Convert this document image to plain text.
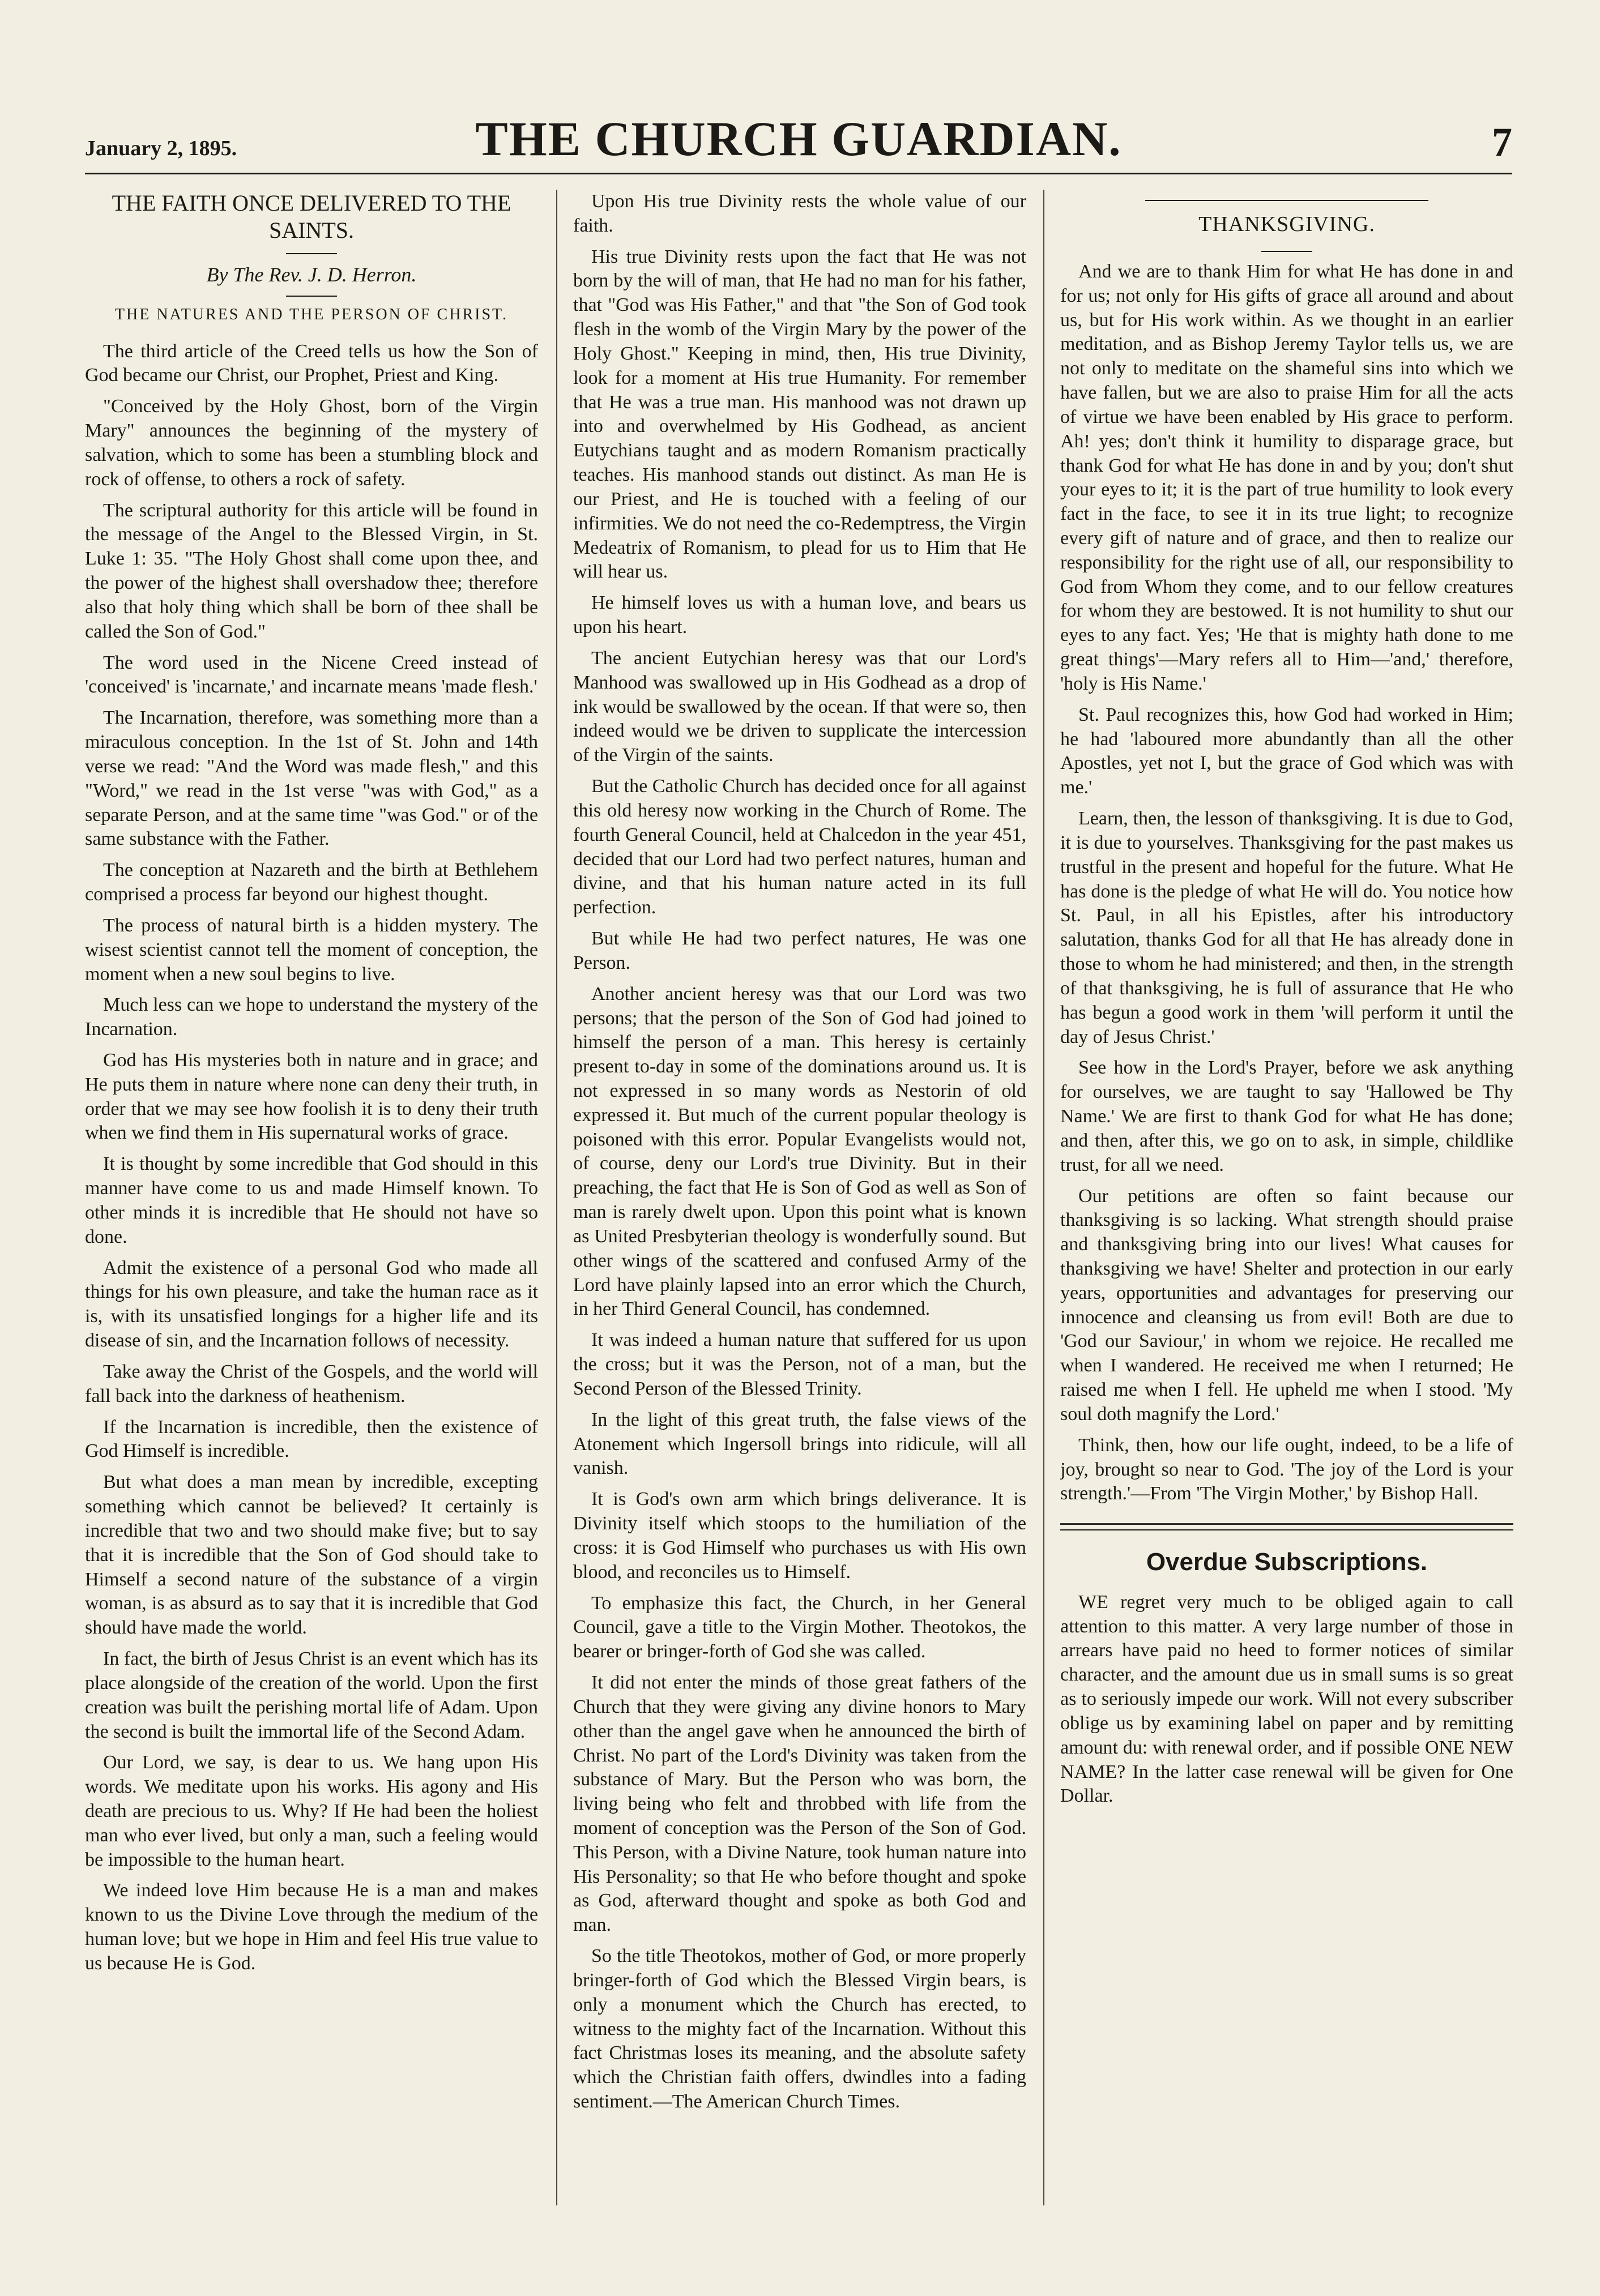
January 2, 1895.	THE CHURCH GUARDIAN.	7
THE FAITH ONCE DELIVERED TO THE SAINTS.
By The Rev. J. D. Herron.
THE NATURES AND THE PERSON OF CHRIST.

The third article of the Creed tells us how the Son of God became our Christ, our Prophet, Priest and King.

"Conceived by the Holy Ghost, born of the Virgin Mary" announces the beginning of the mystery of salvation, which to some has been a stumbling block and rock of offense, to others a rock of safety.

The scriptural authority for this article will be found in the message of the Angel to the Blessed Virgin, in St. Luke 1: 35. "The Holy Ghost shall come upon thee, and the power of the highest shall overshadow thee; therefore also that holy thing which shall be born of thee shall be called the Son of God."

The word used in the Nicene Creed instead of 'conceived' is 'incarnate,' and incarnate means 'made flesh.'

The Incarnation, therefore, was something more than a miraculous conception. In the 1st of St. John and 14th verse we read: "And the Word was made flesh," and this "Word," we read in the 1st verse "was with God," as a separate Person, and at the same time "was God." or of the same substance with the Father.

The conception at Nazareth and the birth at Bethlehem comprised a process far beyond our highest thought.

The process of natural birth is a hidden mystery. The wisest scientist cannot tell the moment of conception, the moment when a new soul begins to live.

Much less can we hope to understand the mystery of the Incarnation.

God has His mysteries both in nature and in grace; and He puts them in nature where none can deny their truth, in order that we may see how foolish it is to deny their truth when we find them in His supernatural works of grace.

It is thought by some incredible that God should in this manner have come to us and made Himself known. To other minds it is incredible that He should not have so done.

Admit the existence of a personal God who made all things for his own pleasure, and take the human race as it is, with its unsatisfied longings for a higher life and its disease of sin, and the Incarnation follows of necessity.

Take away the Christ of the Gospels, and the world will fall back into the darkness of heathenism.

If the Incarnation is incredible, then the existence of God Himself is incredible.

But what does a man mean by incredible, excepting something which cannot be believed? It certainly is incredible that two and two should make five; but to say that it is incredible that the Son of God should take to Himself a second nature of the substance of a virgin woman, is as absurd as to say that it is incredible that God should have made the world.

In fact, the birth of Jesus Christ is an event which has its place alongside of the creation of the world. Upon the first creation was built the perishing mortal life of Adam. Upon the second is built the immortal life of the Second Adam.

Our Lord, we say, is dear to us. We hang upon His words. We meditate upon his works. His agony and His death are precious to us. Why? If He had been the holiest man who ever lived, but only a man, such a feeling would be impossible to the human heart.

We indeed love Him because He is a man and makes known to us the Divine Love through the medium of the human love; but we hope in Him and feel His true value to us because He is God.

Upon His true Divinity rests the whole value of our faith.

His true Divinity rests upon the fact that He was not born by the will of man, that He had no man for his father, that "God was His Father," and that "the Son of God took flesh in the womb of the Virgin Mary by the power of the Holy Ghost." Keeping in mind, then, His true Divinity, look for a moment at His true Humanity. For remember that He was a true man. His manhood was not drawn up into and overwhelmed by His Godhead, as ancient Eutychians taught and as modern Romanism practically teaches. His manhood stands out distinct. As man He is our Priest, and He is touched with a feeling of our infirmities. We do not need the co-Redemptress, the Virgin Medeatrix of Romanism, to plead for us to Him that He will hear us.

He himself loves us with a human love, and bears us upon his heart.

The ancient Eutychian heresy was that our Lord's Manhood was swallowed up in His Godhead as a drop of ink would be swallowed by the ocean. If that were so, then indeed would we be driven to supplicate the intercession of the Virgin of the saints.

But the Catholic Church has decided once for all against this old heresy now working in the Church of Rome. The fourth General Council, held at Chalcedon in the year 451, decided that our Lord had two perfect natures, human and divine, and that his human nature acted in its full perfection.

But while He had two perfect natures, He was one Person.

Another ancient heresy was that our Lord was two persons; that the person of the Son of God had joined to himself the person of a man. This heresy is certainly present to-day in some of the dominations around us. It is not expressed in so many words as Nestorin of old expressed it. But much of the current popular theology is poisoned with this error. Popular Evangelists would not, of course, deny our Lord's true Divinity. But in their preaching, the fact that He is Son of God as well as Son of man is rarely dwelt upon. Upon this point what is known as United Presbyterian theology is wonderfully sound. But other wings of the scattered and confused Army of the Lord have plainly lapsed into an error which the Church, in her Third General Council, has condemned.

It was indeed a human nature that suffered for us upon the cross; but it was the Person, not of a man, but the Second Person of the Blessed Trinity.

In the light of this great truth, the false views of the Atonement which Ingersoll brings into ridicule, will all vanish.

It is God's own arm which brings deliverance. It is Divinity itself which stoops to the humiliation of the cross: it is God Himself who purchases us with His own blood, and reconciles us to Himself.

To emphasize this fact, the Church, in her General Council, gave a title to the Virgin Mother. Theotokos, the bearer or bringer-forth of God she was called.

It did not enter the minds of those great fathers of the Church that they were giving any divine honors to Mary other than the angel gave when he announced the birth of Christ. No part of the Lord's Divinity was taken from the substance of Mary. But the Person who was born, the living being who felt and throbbed with life from the moment of conception was the Person of the Son of God. This Person, with a Divine Nature, took human nature into His Personality; so that He who before thought and spoke as God, afterward thought and spoke as both God and man.

So the title Theotokos, mother of God, or more properly bringer-forth of God which the Blessed Virgin bears, is only a monument which the Church has erected, to witness to the mighty fact of the Incarnation. Without this fact Christmas loses its meaning, and the absolute safety which the Christian faith offers, dwindles into a fading sentiment.—The American Church Times.

THANKSGIVING.

And we are to thank Him for what He has done in and for us; not only for His gifts of grace all around and about us, but for His work within. As we thought in an earlier meditation, and as Bishop Jeremy Taylor tells us, we are not only to meditate on the shameful sins into which we have fallen, but we are also to praise Him for all the acts of virtue we have been enabled by His grace to perform. Ah! yes; don't think it humility to disparage grace, but thank God for what He has done in and by you; don't shut your eyes to it; it is the part of true humility to look every fact in the face, to see it in its true light; to recognize every gift of nature and of grace, and then to realize our responsibility for the right use of all, our responsibility to God from Whom they come, and to our fellow creatures for whom they are bestowed. It is not humility to shut our eyes to any fact. Yes; 'He that is mighty hath done to me great things'—Mary refers all to Him—'and,' therefore, 'holy is His Name.'

St. Paul recognizes this, how God had worked in Him; he had 'laboured more abundantly than all the other Apostles, yet not I, but the grace of God which was with me.'

Learn, then, the lesson of thanksgiving. It is due to God, it is due to yourselves. Thanksgiving for the past makes us trustful in the present and hopeful for the future. What He has done is the pledge of what He will do. You notice how St. Paul, in all his Epistles, after his introductory salutation, thanks God for all that He has already done in those to whom he had ministered; and then, in the strength of that thanksgiving, he is full of assurance that He who has begun a good work in them 'will perform it until the day of Jesus Christ.'

See how in the Lord's Prayer, before we ask anything for ourselves, we are taught to say 'Hallowed be Thy Name.' We are first to thank God for what He has done; and then, after this, we go on to ask, in simple, childlike trust, for all we need.

Our petitions are often so faint because our thanksgiving is so lacking. What strength should praise and thanksgiving bring into our lives! What causes for thanksgiving we have! Shelter and protection in our early years, opportunities and advantages for preserving our innocence and cleansing us from evil! Both are due to 'God our Saviour,' in whom we rejoice. He recalled me when I wandered. He received me when I returned; He raised me when I fell. He upheld me when I stood. 'My soul doth magnify the Lord.'

Think, then, how our life ought, indeed, to be a life of joy, brought so near to God. 'The joy of the Lord is your strength.'—From 'The Virgin Mother,' by Bishop Hall.

Overdue Subscriptions.

WE regret very much to be obliged again to call attention to this matter. A very large number of those in arrears have paid no heed to former notices of similar character, and the amount due us in small sums is so great as to seriously impede our work. Will not every subscriber oblige us by examining label on paper and by remitting amount du: with renewal order, and if possible ONE NEW NAME? In the latter case renewal will be given for One Dollar.
